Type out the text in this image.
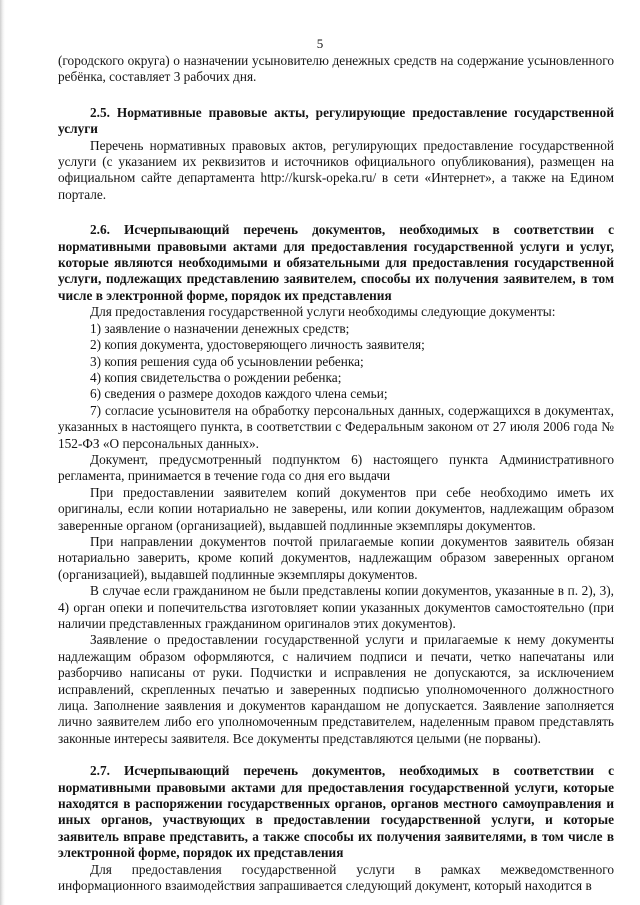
5

(городского округа) о назначении усыновителю денежных средств на содержание усыновленного ребёнка, составляет 3 рабочих дня.

2.5. Нормативные правовые акты, регулирующие предоставление государственной услуги

Перечень нормативных правовых актов, регулирующих предоставление государственной услуги (с указанием их реквизитов и источников официального опубликования), размещен на официальном сайте департамента http://kursk-opeka.ru/ в сети «Интернет», а также на Едином портале.

2.6. Исчерпывающий перечень документов, необходимых в соответствии с нормативными правовыми актами для предоставления государственной услуги и услуг, которые являются необходимыми и обязательными для предоставления государственной услуги, подлежащих представлению заявителем, способы их получения заявителем, в том числе в электронной форме, порядок их представления

Для предоставления государственной услуги необходимы следующие документы:

1) заявление о назначении денежных средств;

2) копия документа, удостоверяющего личность заявителя;

3) копия решения суда об усыновлении ребенка;

4) копия свидетельства о рождении ребенка;

6) сведения о размере доходов каждого члена семьи;

7) согласие усыновителя на обработку персональных данных, содержащихся в документах, указанных в настоящего пункта, в соответствии с Федеральным законом от 27 июля 2006 года № 152-ФЗ «О персональных данных».

Документ, предусмотренный подпунктом 6) настоящего пункта Административного регламента, принимается в течение года со дня его выдачи

При предоставлении заявителем копий документов при себе необходимо иметь их оригиналы, если копии нотариально не заверены, или копии документов, надлежащим образом заверенные органом (организацией), выдавшей подлинные экземпляры документов.

При направлении документов почтой прилагаемые копии документов заявитель обязан нотариально заверить, кроме копий документов, надлежащим образом заверенных органом (организацией), выдавшей подлинные экземпляры документов.

В случае если гражданином не были представлены копии документов, указанные в п. 2), 3), 4) орган опеки и попечительства изготовляет копии указанных документов самостоятельно (при наличии представленных гражданином оригиналов этих документов).

Заявление о предоставлении государственной услуги и прилагаемые к нему документы надлежащим образом оформляются, с наличием подписи и печати, четко напечатаны или разборчиво написаны от руки. Подчистки и исправления не допускаются, за исключением исправлений, скрепленных печатью и заверенных подписью уполномоченного должностного лица. Заполнение заявления и документов карандашом не допускается. Заявление заполняется лично заявителем либо его уполномоченным представителем, наделенным правом представлять законные интересы заявителя. Все документы представляются целыми (не порваны).

2.7. Исчерпывающий перечень документов, необходимых в соответствии с нормативными правовыми актами для предоставления государственной услуги, которые находятся в распоряжении государственных органов, органов местного самоуправления и иных органов, участвующих в предоставлении государственной услуги, и которые заявитель вправе представить, а также способы их получения заявителями, в том числе в электронной форме, порядок их представления

Для предоставления государственной услуги в рамках межведомственного информационного взаимодействия запрашивается следующий документ, который находится в
